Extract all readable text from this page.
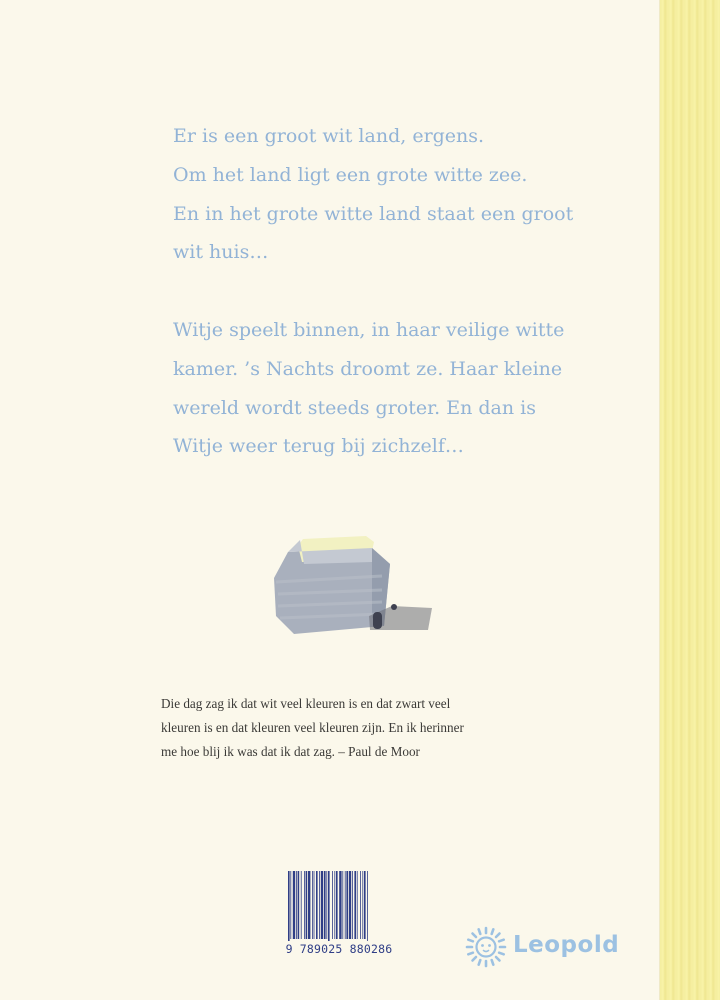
Er is een groot wit land, ergens.
Om het land ligt een grote witte zee.
En in het grote witte land staat een groot
wit huis…

Witje speelt binnen, in haar veilige witte
kamer. ’s Nachts droomt ze. Haar kleine
wereld wordt steeds groter. En dan is
Witje weer terug bij zichzelf…

Die dag zag ik dat wit veel kleuren is en dat zwart veel
kleuren is en dat kleuren veel kleuren zijn. En ik herinner
me hoe blij ik was dat ik dat zag. – Paul de Moor

9 789025 880286	Leopold
